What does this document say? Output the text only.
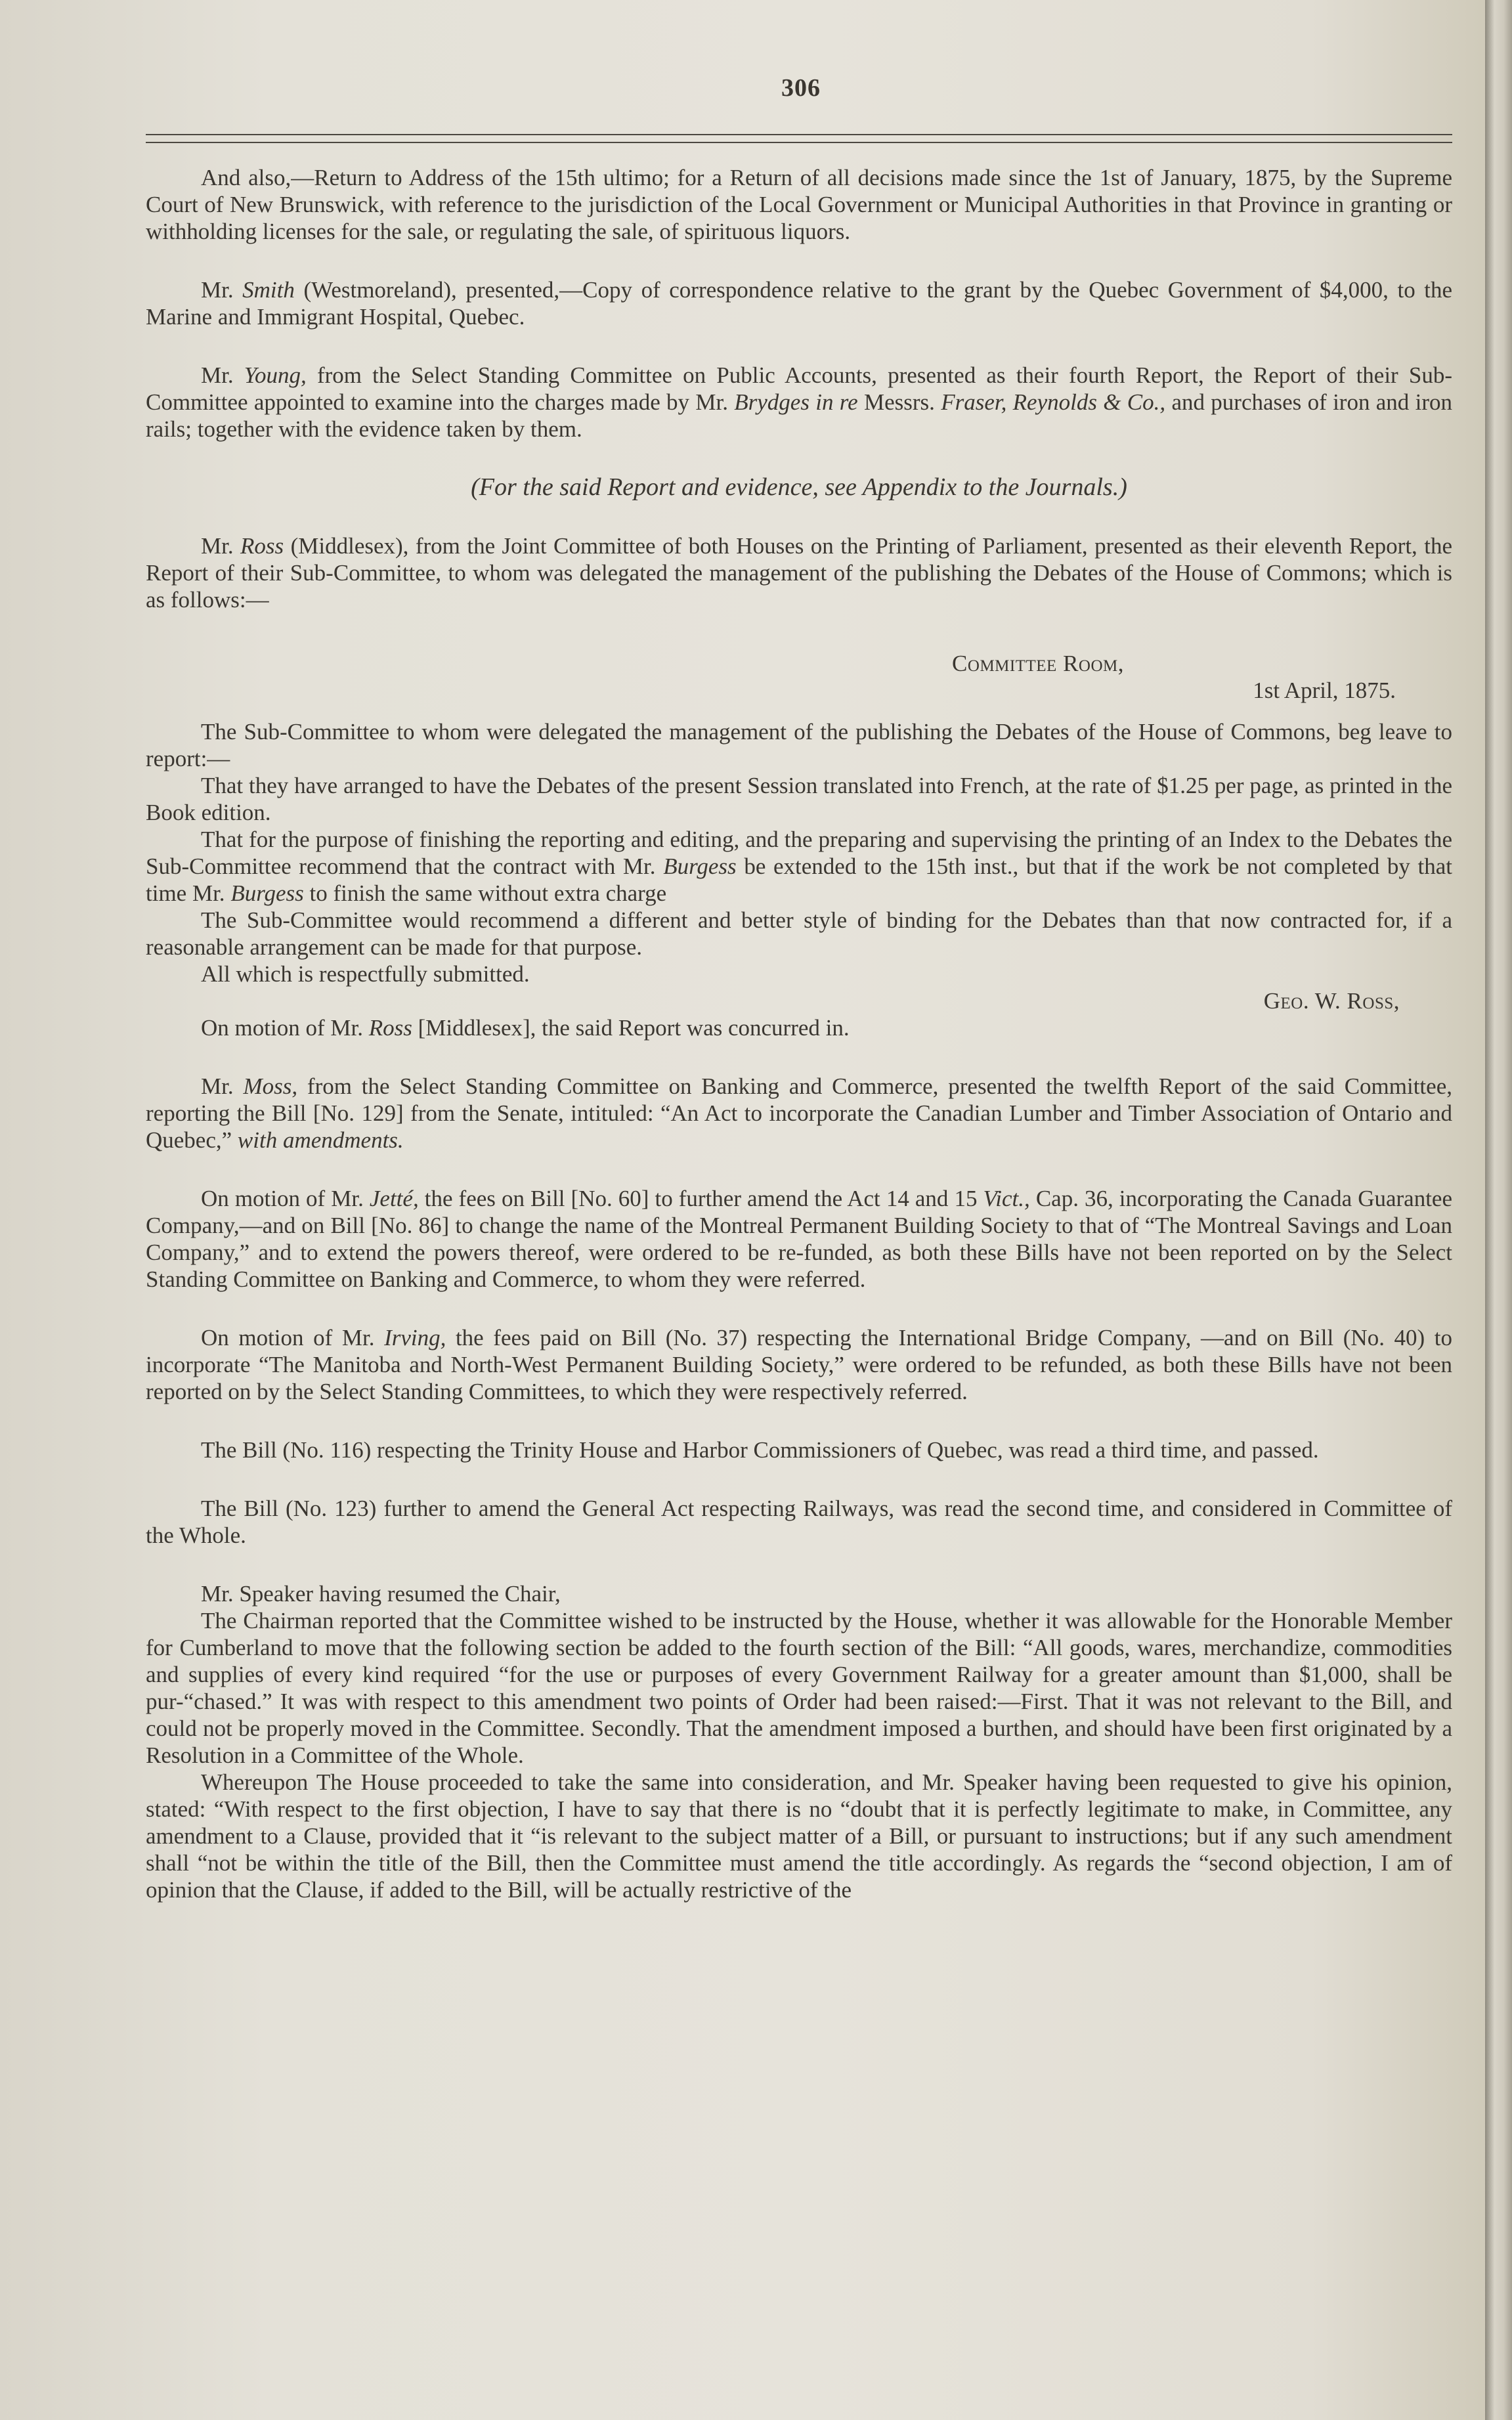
306

And also,—Return to Address of the 15th ultimo; for a Return of all decisions made since the 1st of January, 1875, by the Supreme Court of New Brunswick, with reference to the jurisdiction of the Local Government or Municipal Authorities in that Province in granting or withholding licenses for the sale, or regulating the sale, of spirituous liquors.

Mr. Smith (Westmoreland), presented,—Copy of correspondence relative to the grant by the Quebec Government of $4,000, to the Marine and Immigrant Hospital, Quebec.

Mr. Young, from the Select Standing Committee on Public Accounts, presented as their fourth Report, the Report of their Sub-Committee appointed to examine into the charges made by Mr. Brydges in re Messrs. Fraser, Reynolds & Co., and purchases of iron and iron rails; together with the evidence taken by them.

(For the said Report and evidence, see Appendix to the Journals.)

Mr. Ross (Middlesex), from the Joint Committee of both Houses on the Printing of Parliament, presented as their eleventh Report, the Report of their Sub-Committee, to whom was delegated the management of the publishing the Debates of the House of Commons; which is as follows:—

Committee Room,

1st April, 1875.

The Sub-Committee to whom were delegated the management of the publishing the Debates of the House of Commons, beg leave to report:—

That they have arranged to have the Debates of the present Session translated into French, at the rate of $1.25 per page, as printed in the Book edition.

That for the purpose of finishing the reporting and editing, and the preparing and supervising the printing of an Index to the Debates the Sub-Committee recommend that the contract with Mr. Burgess be extended to the 15th inst., but that if the work be not completed by that time Mr. Burgess to finish the same without extra charge

The Sub-Committee would recommend a different and better style of binding for the Debates than that now contracted for, if a reasonable arrangement can be made for that purpose.

All which is respectfully submitted.

Geo. W. Ross,

On motion of Mr. Ross [Middlesex], the said Report was concurred in.

Mr. Moss, from the Select Standing Committee on Banking and Commerce, presented the twelfth Report of the said Committee, reporting the Bill [No. 129] from the Senate, intituled: “An Act to incorporate the Canadian Lumber and Timber Association of Ontario and Quebec,” with amendments.

On motion of Mr. Jetté, the fees on Bill [No. 60] to further amend the Act 14 and 15 Vict., Cap. 36, incorporating the Canada Guarantee Company,—and on Bill [No. 86] to change the name of the Montreal Permanent Building Society to that of “The Montreal Savings and Loan Company,” and to extend the powers thereof, were ordered to be re-funded, as both these Bills have not been reported on by the Select Standing Committee on Banking and Commerce, to whom they were referred.

On motion of Mr. Irving, the fees paid on Bill (No. 37) respecting the International Bridge Company, —and on Bill (No. 40) to incorporate “The Manitoba and North-West Permanent Building Society,” were ordered to be refunded, as both these Bills have not been reported on by the Select Standing Committees, to which they were respectively referred.

The Bill (No. 116) respecting the Trinity House and Harbor Commissioners of Quebec, was read a third time, and passed.

The Bill (No. 123) further to amend the General Act respecting Railways, was read the second time, and considered in Committee of the Whole.

Mr. Speaker having resumed the Chair,

The Chairman reported that the Committee wished to be instructed by the House, whether it was allowable for the Honorable Member for Cumberland to move that the following section be added to the fourth section of the Bill: “All goods, wares, merchandize, commodities and supplies of every kind required “for the use or purposes of every Government Railway for a greater amount than $1,000, shall be pur-“chased.” It was with respect to this amendment two points of Order had been raised:—First. That it was not relevant to the Bill, and could not be properly moved in the Committee. Secondly. That the amendment imposed a burthen, and should have been first originated by a Resolution in a Committee of the Whole.

Whereupon The House proceeded to take the same into consideration, and Mr. Speaker having been requested to give his opinion, stated: “With respect to the first objection, I have to say that there is no “doubt that it is perfectly legitimate to make, in Committee, any amendment to a Clause, provided that it “is relevant to the subject matter of a Bill, or pursuant to instructions; but if any such amendment shall “not be within the title of the Bill, then the Committee must amend the title accordingly. As regards the “second objection, I am of opinion that the Clause, if added to the Bill, will be actually restrictive of the
